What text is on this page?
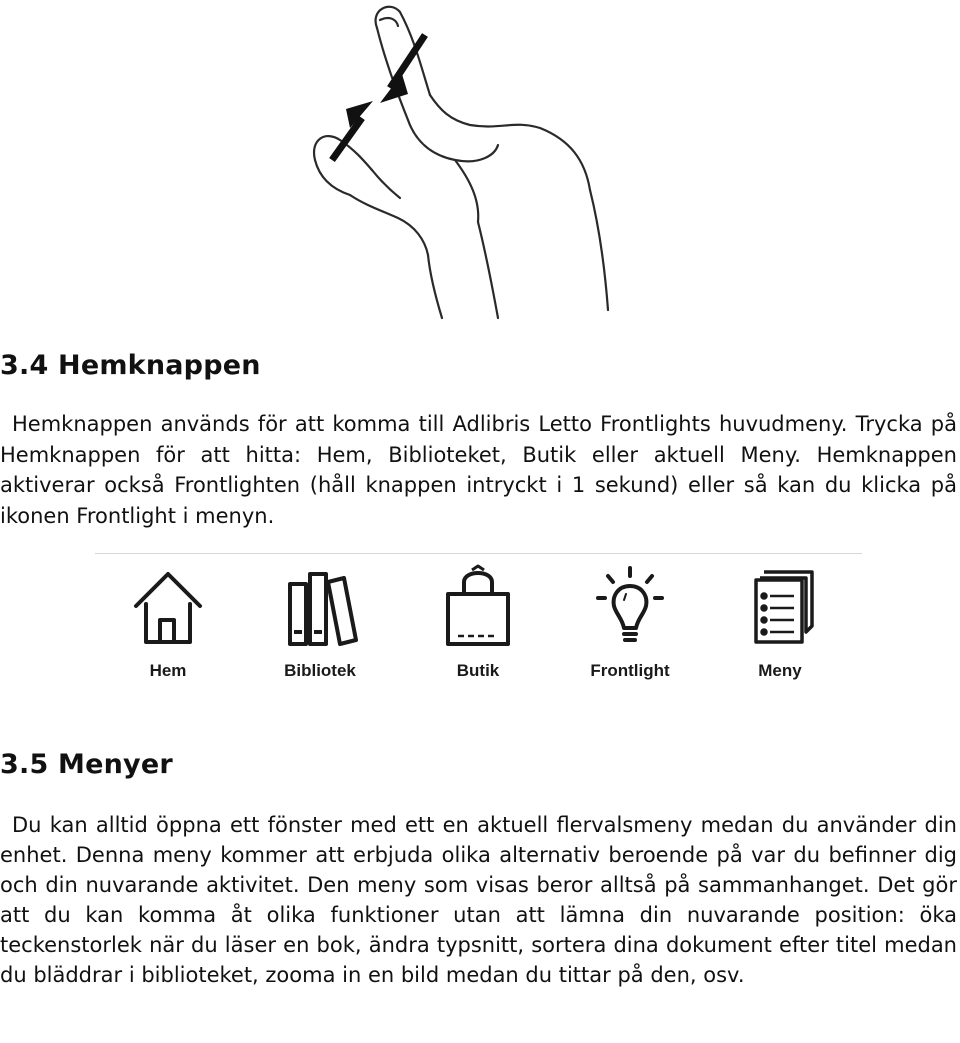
3.4 Hemknappen

Hemknappen används för att komma till Adlibris Letto Frontlights huvudmeny. Trycka på Hemknappen för att hitta: Hem, Biblioteket, Butik eller aktuell Meny. Hemknappen aktiverar också Frontlighten (håll knappen intryckt i 1 sekund) eller så kan du klicka på ikonen Frontlight i menyn.

Hem	Bibliotek	Butik	Frontlight	Meny
3.5 Menyer

Du kan alltid öppna ett fönster med ett en aktuell flervalsmeny medan du använder din enhet. Denna meny kommer att erbjuda olika alternativ beroende på var du befinner dig och din nuvarande aktivitet. Den meny som visas beror alltså på sammanhanget. Det gör att du kan komma åt olika funktioner utan att lämna din nuvarande position: öka teckenstorlek när du läser en bok, ändra typsnitt, sortera dina dokument efter titel medan du bläddrar i biblioteket, zooma in en bild medan du tittar på den, osv.
